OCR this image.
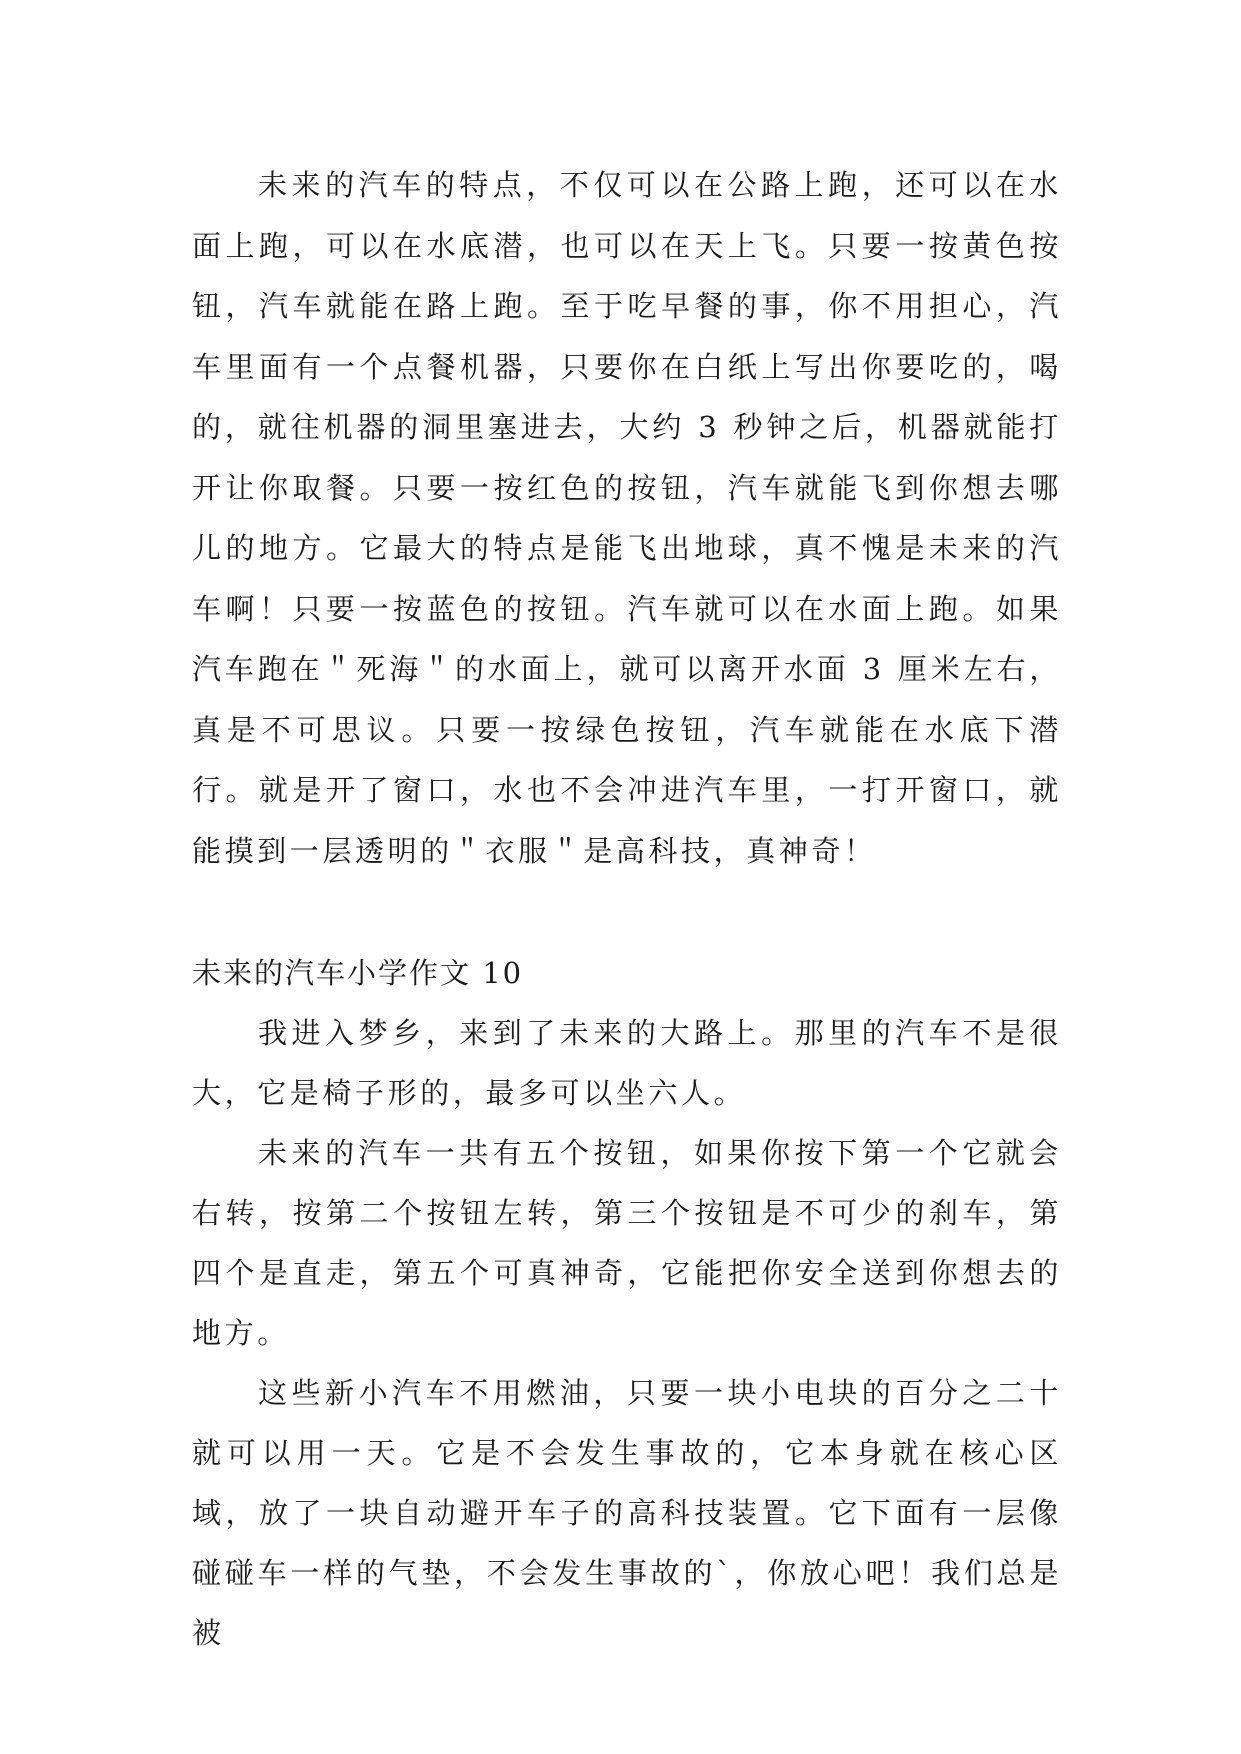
未来的汽车的特点，不仅可以在公路上跑，还可以在水面上跑，可以在水底潜，也可以在天上飞。只要一按黄色按钮，汽车就能在路上跑。至于吃早餐的事，你不用担心，汽车里面有一个点餐机器，只要你在白纸上写出你要吃的，喝的，就往机器的洞里塞进去，大约 3 秒钟之后，机器就能打开让你取餐。只要一按红色的按钮，汽车就能飞到你想去哪儿的地方。它最大的特点是能飞出地球，真不愧是未来的汽车啊！只要一按蓝色的按钮。汽车就可以在水面上跑。如果汽车跑在＂死海＂的水面上，就可以离开水面 3 厘米左右，真是不可思议。只要一按绿色按钮，汽车就能在水底下潜行。就是开了窗口，水也不会冲进汽车里，一打开窗口，就能摸到一层透明的＂衣服＂是高科技，真神奇！

未来的汽车小学作文 10

我进入梦乡，来到了未来的大路上。那里的汽车不是很大，它是椅子形的，最多可以坐六人。

未来的汽车一共有五个按钮，如果你按下第一个它就会右转，按第二个按钮左转，第三个按钮是不可少的刹车，第四个是直走，第五个可真神奇，它能把你安全送到你想去的地方。

这些新小汽车不用燃油，只要一块小电块的百分之二十就可以用一天。它是不会发生事故的，它本身就在核心区域，放了一块自动避开车子的高科技装置。它下面有一层像碰碰车一样的气垫，不会发生事故的`，你放心吧！我们总是被
